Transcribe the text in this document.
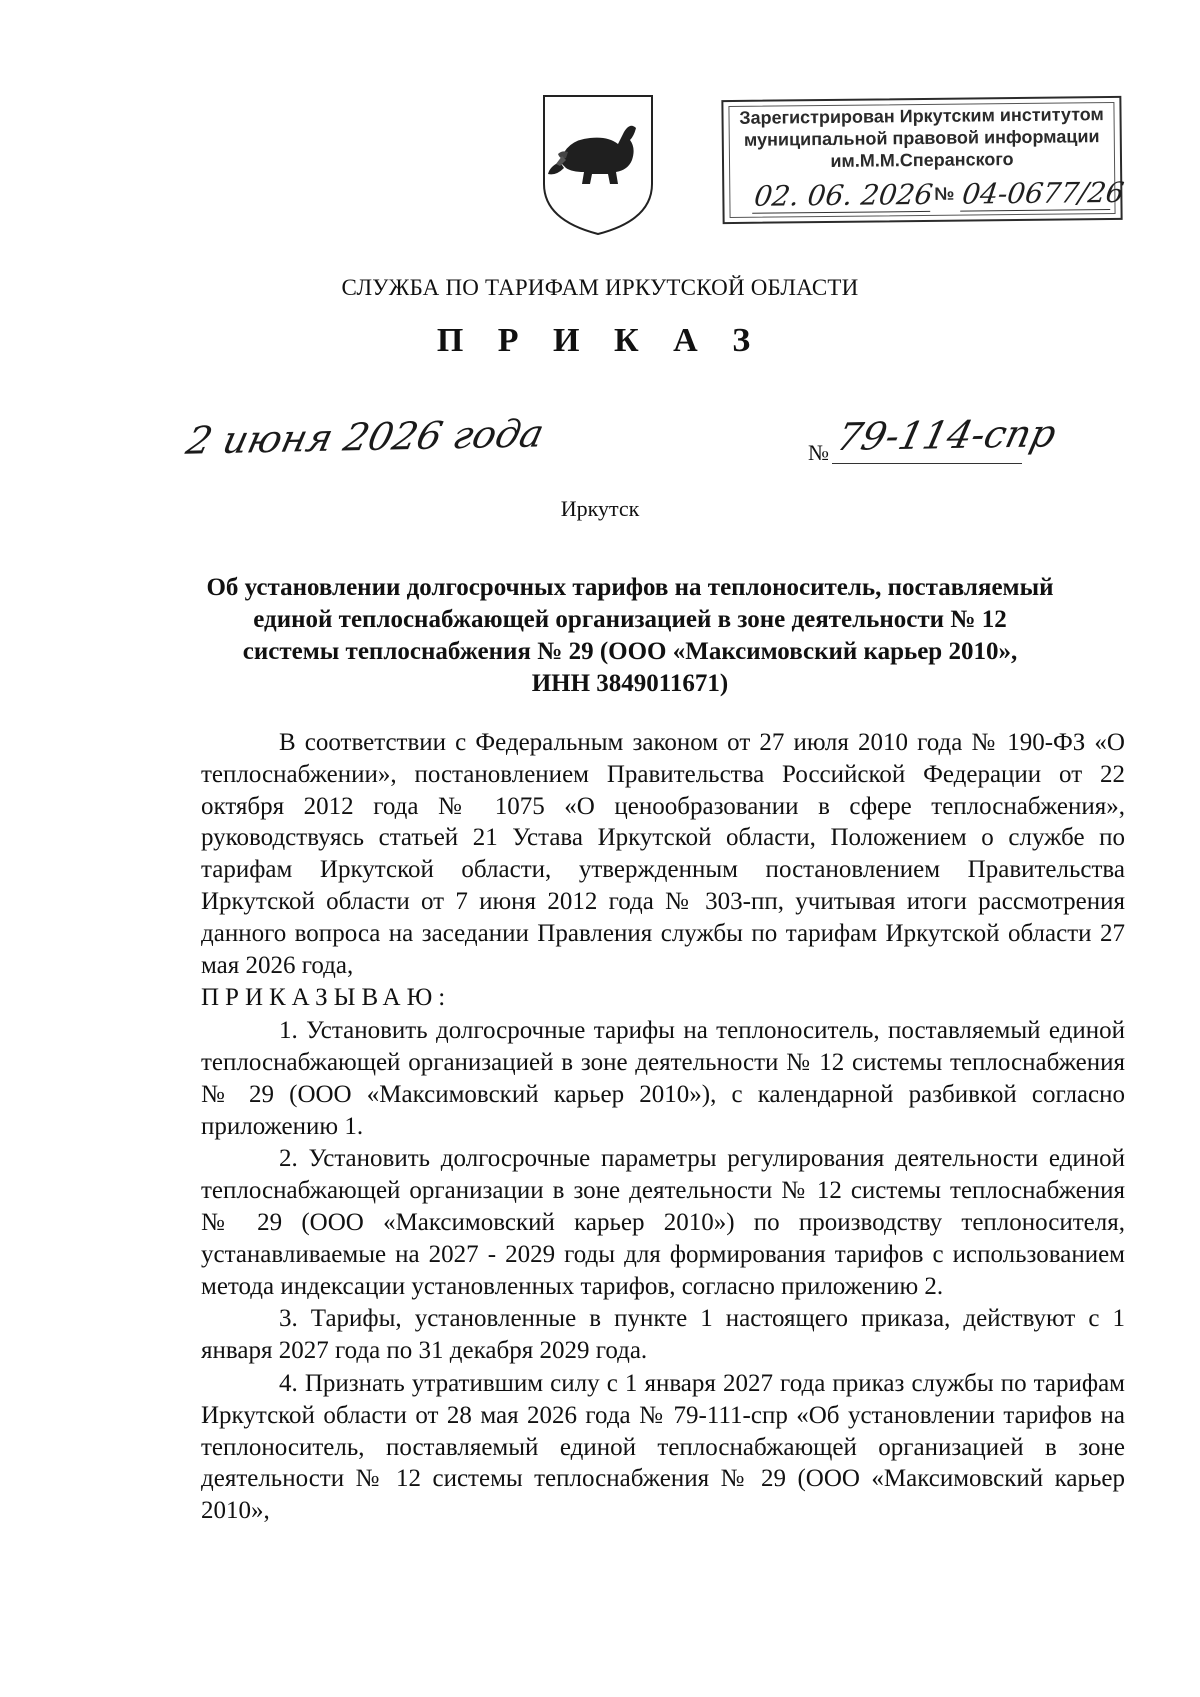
Зарегистрирован Иркутским институтом
муниципальной правовой информации
им.М.М.Сперанского
02. 06. 2026 № 04-0677/26
СЛУЖБА ПО ТАРИФАМ ИРКУТСКОЙ ОБЛАСТИ
П Р И К А З
2 июня 2026 года	№ 79-114-спр
Иркутск
Об установлении долгосрочных тарифов на теплоноситель, поставляемый
единой теплоснабжающей организацией в зоне деятельности № 12
системы теплоснабжения № 29 (ООО «Максимовский карьер 2010»,
ИНН 3849011671)

В соответствии с Федеральным законом от 27 июля 2010 года № 190-ФЗ «О теплоснабжении», постановлением Правительства Российской Федерации от 22 октября 2012 года № 1075 «О ценообразовании в сфере теплоснабжения», руководствуясь статьей 21 Устава Иркутской области, Положением о службе по тарифам Иркутской области, утвержденным постановлением Правительства Иркутской области от 7 июня 2012 года № 303-пп, учитывая итоги рассмотрения данного вопроса на заседании Правления службы по тарифам Иркутской области 27 мая 2026 года,

ПРИКАЗЫВАЮ:

1. Установить долгосрочные тарифы на теплоноситель, поставляемый единой теплоснабжающей организацией в зоне деятельности № 12 системы теплоснабжения № 29 (ООО «Максимовский карьер 2010»), с календарной разбивкой согласно приложению 1.

2. Установить долгосрочные параметры регулирования деятельности единой теплоснабжающей организации в зоне деятельности № 12 системы теплоснабжения № 29 (ООО «Максимовский карьер 2010») по производству теплоносителя, устанавливаемые на 2027 - 2029 годы для формирования тарифов с использованием метода индексации установленных тарифов, согласно приложению 2.

3. Тарифы, установленные в пункте 1 настоящего приказа, действуют с 1 января 2027 года по 31 декабря 2029 года.

4. Признать утратившим силу с 1 января 2027 года приказ службы по тарифам Иркутской области от 28 мая 2026 года № 79-111-спр «Об установлении тарифов на теплоноситель, поставляемый единой теплоснабжающей организацией в зоне деятельности № 12 системы теплоснабжения № 29 (ООО «Максимовский карьер 2010»,
